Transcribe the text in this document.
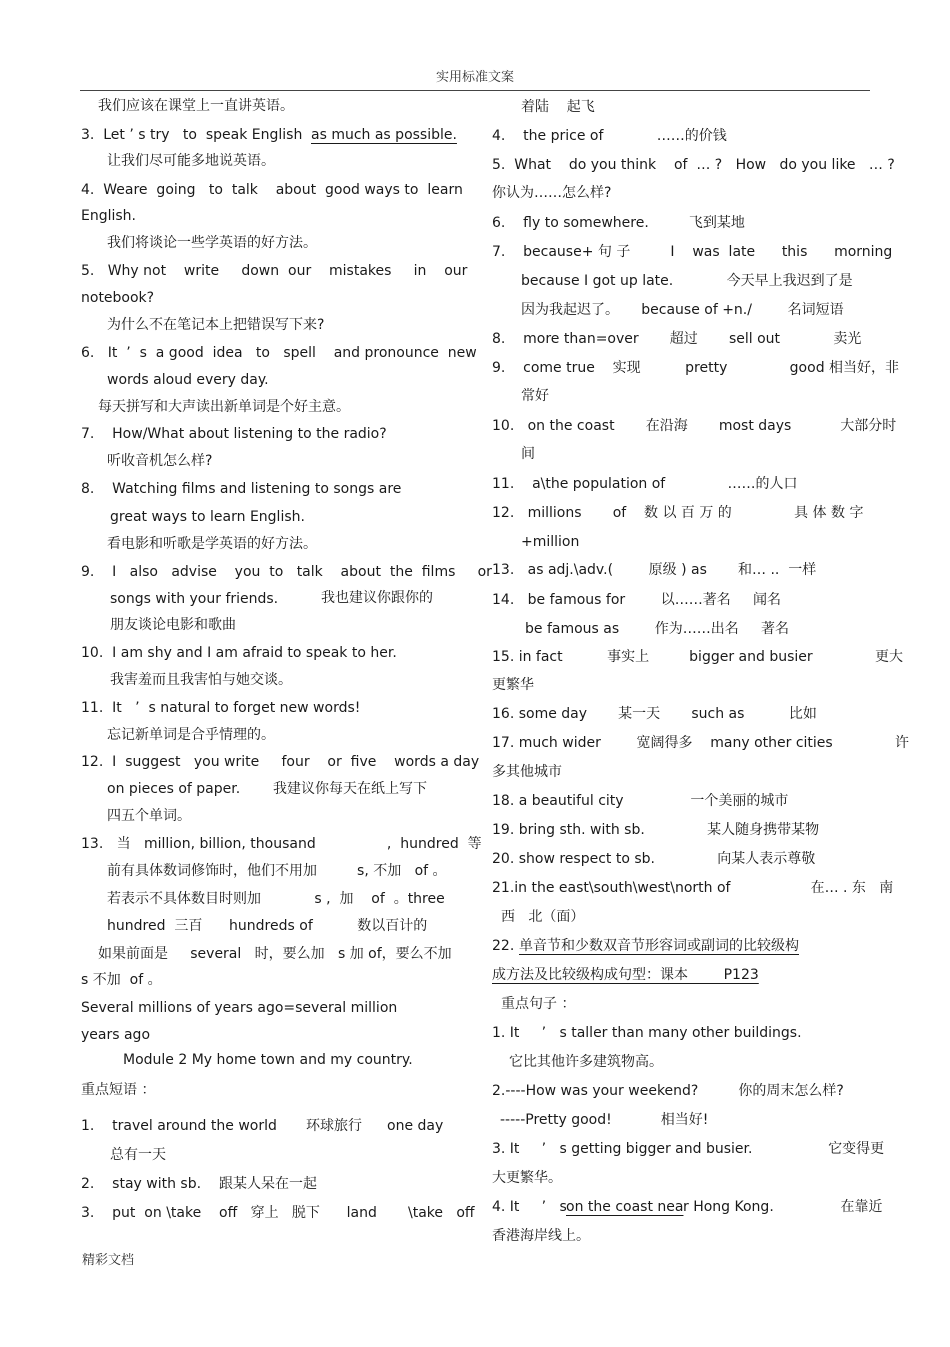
实用标准文案
我们应该在课堂上一直讲英语。
3.  Let ’ s try   to  speak English as much as possible.
让我们尽可能多地说英语。
4.  Weare  going   to  talk    about  good ways to  learn
English.
我们将谈论一些学英语的好方法。
5.   Why not    write     down  our    mistakes     in    our
notebook?
为什么不在笔记本上把错误写下来?
6.   It  ’  s  a good  idea   to   spell    and pronounce  new
words aloud every day.
每天拼写和大声读出新单词是个好主意。
7.    How/What about listening to the radio?
听收音机怎么样?
8.    Watching films and listening to songs are
great ways to learn English.
看电影和听歌是学英语的好方法。
9.    I   also   advise    you  to   talk    about  the  films     or
songs with your friends.	我也建议你跟你的
朋友谈论电影和歌曲
10.  I am shy and I am afraid to speak to her.
我害羞而且我害怕与她交谈。
11.  It   ’  s natural to forget new words!
忘记新单词是合乎情理的。
12.  I  suggest   you write     four    or  five    words a day
on pieces of paper. 我建议你每天在纸上写下
四五个单词。
13.   当   million, billion, thousand                ,  hundred  等
前有具体数词修饰时，他们不用加         s, 不加   of 。
若表示不具体数目时则加            s ,  加    of  。three
hundred  三百      hundreds of          数以百计的
如果前面是     several   时，要么加   s 加 of，要么不加
s 不加  of 。
Several millions of years ago=several million
years ago
Module 2 My home town and my country.
重点短语 ：
1.    travel around the world 环球旅行 one day
总有一天
2.    stay with sb. 跟某人呆在一起
3.    put  on \take    off   穿上   脱下      land       \take   off
着陆    起飞
4.    the price of            ……的价钱
5.  What    do you think    of  … ?   How   do you like   … ?
你认为……怎么样?
6.    fly to somewhere.         飞到某地
7.    because+ 句 子         I    was  late      this      morning
because I got up late.            今天早上我迟到了是
因为我起迟了。     because of +n./        名词短语
8.    more than=over       超过       sell out            卖光
9.    come true    实现          pretty              good 相当好，非
常好
10.   on the coast       在沿海       most days           大部分时
间
11.    a\the population of              ……的人口
12.   millions       of    数 以 百 万 的              具 体 数 字
+million
13.   as adj.\adv.(        原级 ) as       和… ..  一样
14.   be famous for        以……著名     闻名
be famous as        作为……出名     著名
15. in fact          事实上         bigger and busier              更大
更繁华
16. some day       某一天       such as          比如
17. much wider        宽阔得多    many other cities              许
多其他城市
18. a beautiful city               一个美丽的城市
19. bring sth. with sb.              某人随身携带某物
20. show respect to sb.              向某人表示尊敬
21.in the east\south\west\north of                  在… . 东   南
西   北（面）
22. 单音节和少数双音节形容词或副词的比较级构
成方法及比较级构成句型：课本        P123
重点句子 ：
1. It     ’   s taller than many other buildings.
它比其他许多建筑物高。
2.----How was your weekend?         你的周末怎么样?
-----Pretty good!           相当好!
3. It     ’   s getting bigger and busier.                 它变得更
大更繁华。
4. It     ’   s
on the coast nea r Hong Kong.               在靠近
香港海岸线上。
精彩文档
